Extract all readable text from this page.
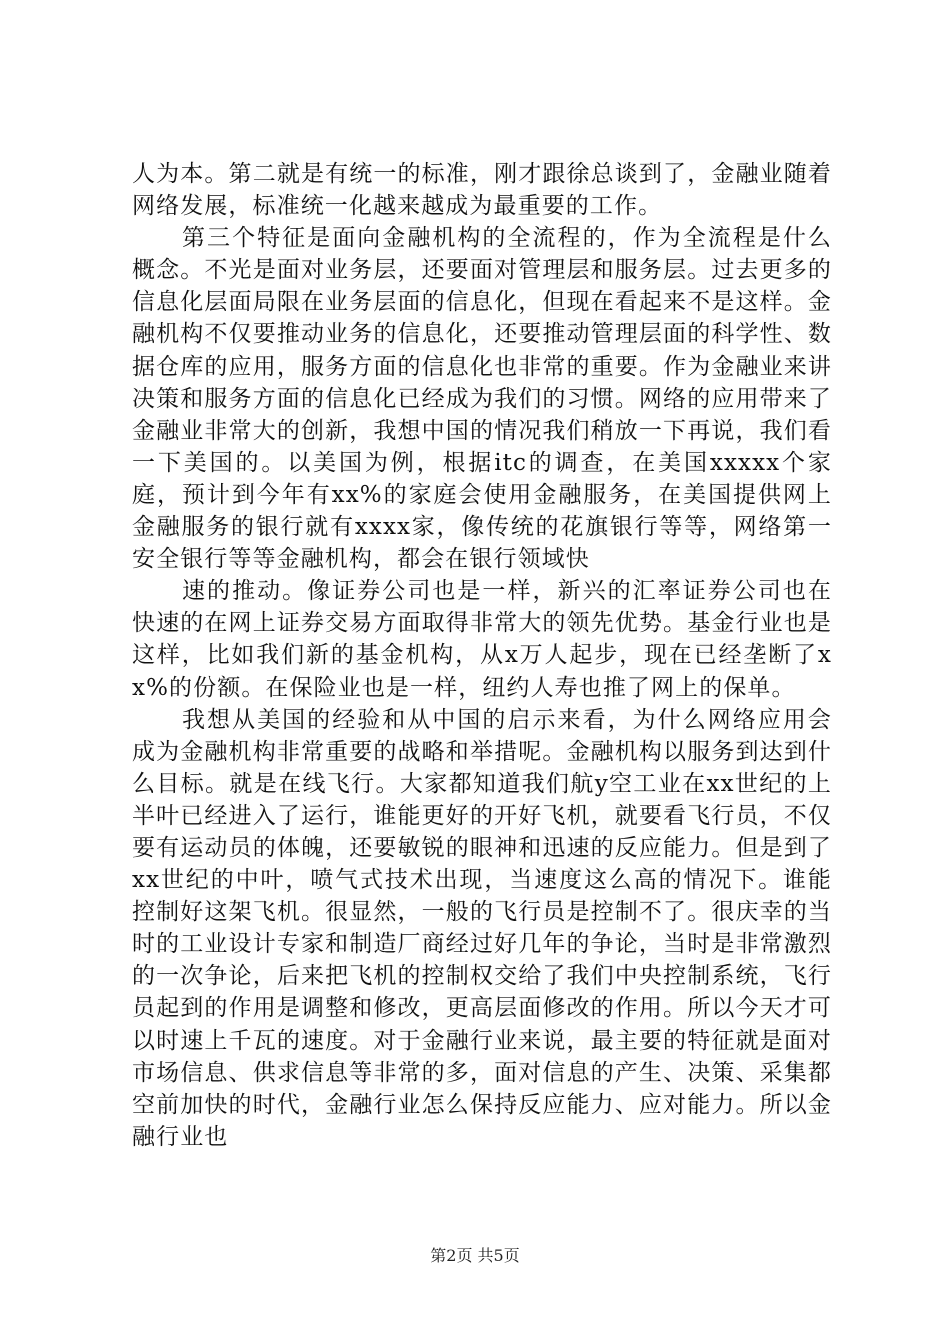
人为本。第二就是有统一的标准，刚才跟徐总谈到了，金融业随着网络发展，标准统一化越来越成为最重要的工作。

第三个特征是面向金融机构的全流程的，作为全流程是什么概念。不光是面对业务层，还要面对管理层和服务层。过去更多的信息化层面局限在业务层面的信息化，但现在看起来不是这样。金融机构不仅要推动业务的信息化，还要推动管理层面的科学性、数据仓库的应用，服务方面的信息化也非常的重要。作为金融业来讲决策和服务方面的信息化已经成为我们的习惯。网络的应用带来了金融业非常大的创新，我想中国的情况我们稍放一下再说，我们看一下美国的。以美国为例，根据itc的调查，在美国xxxxx个家庭，预计到今年有xx%的家庭会使用金融服务，在美国提供网上金融服务的银行就有xxxx家，像传统的花旗银行等等，网络第一安全银行等等金融机构，都会在银行领域快

速的推动。像证券公司也是一样，新兴的汇率证券公司也在快速的在网上证券交易方面取得非常大的领先优势。基金行业也是这样，比如我们新的基金机构，从x万人起步，现在已经垄断了xx%的份额。在保险业也是一样，纽约人寿也推了网上的保单。

我想从美国的经验和从中国的启示来看，为什么网络应用会成为金融机构非常重要的战略和举措呢。金融机构以服务到达到什么目标。就是在线飞行。大家都知道我们航y空工业在xx世纪的上半叶已经进入了运行，谁能更好的开好飞机，就要看飞行员，不仅要有运动员的体魄，还要敏锐的眼神和迅速的反应能力。但是到了xx世纪的中叶，喷气式技术出现，当速度这么高的情况下。谁能控制好这架飞机。很显然，一般的飞行员是控制不了。很庆幸的当时的工业设计专家和制造厂商经过好几年的争论，当时是非常激烈的一次争论，后来把飞机的控制权交给了我们中央控制系统，飞行员起到的作用是调整和修改，更高层面修改的作用。所以今天才可以时速上千瓦的速度。对于金融行业来说，最主要的特征就是面对市场信息、供求信息等非常的多，面对信息的产生、决策、采集都空前加快的时代，金融行业怎么保持反应能力、应对能力。所以金融行业也

第2页 共5页
